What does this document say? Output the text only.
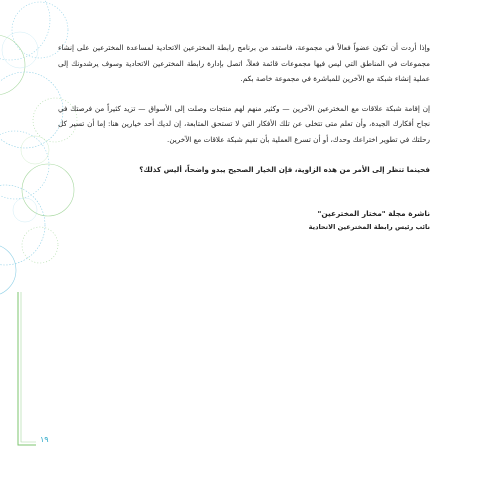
وإذا أردت أن تكون عضواً فعالاً في مجموعة، فاستفد من برنامج رابطة المخترعين الاتحادية لمساعدة المخترعين على إنشاء مجموعات في المناطق التي ليس فيها مجموعات قائمة فعلاً، اتصل بإدارة رابطة المخترعين الاتحادية وسوف يرشدونك إلى عملية إنشاء شبكة مع الآخرين للمباشرة في مجموعة خاصة بكم.

إن إقامة شبكة علاقات مع المخترعين الآخرين — وكثير منهم لهم منتجات وصلت إلى الأسواق — تزيد كثيراً من فرصتك في نجاح أفكارك الجيدة، وأن تعلم متى تتخلى عن تلك الأفكار التي لا تستحق المتابعة، إن لديك أحد خيارين هنا: إما أن تسير كل رحلتك في تطوير اختراعك وحدك، أو أن تسرع العملية بأن تقيم شبكة علاقات مع الآخرين.

فحينما تنظر إلى الأمر من هذه الزاوية، فإن الخيار الصحيح يبدو واضحاً، أليس كذلك؟

ناشرة مجلة "مختار المخترعين"
نائب رئيس رابطة المخترعين الاتحادية
١٩
